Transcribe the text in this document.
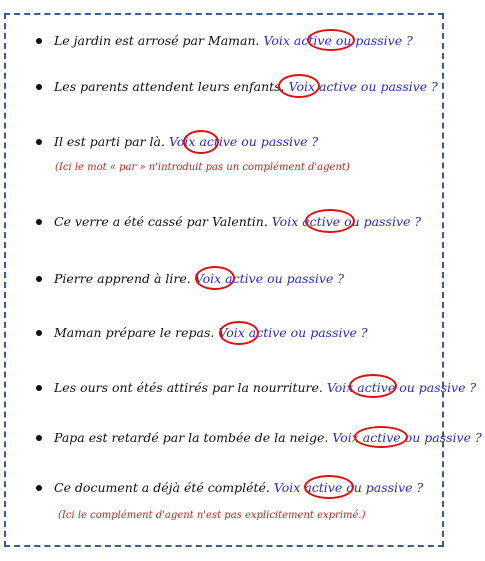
Le jardin est arrosé par Maman. Voix active ou passive ?
Les parents attendent leurs enfants. Voix active ou passive ?
Il est parti par là. Voix active ou passive ?
(Ici le mot « par » n'introduit pas un complément d'agent)
Ce verre a été cassé par Valentin. Voix active ou passive ?
Pierre apprend à lire. Voix active ou passive ?
Maman prépare le repas. Voix active ou passive ?
Les ours ont étés attirés par la nourriture. Voix active ou passive ?
Papa est retardé par la tombée de la neige. Voix active ou passive ?
Ce document a déjà été complété. Voix active ou passive ?
(Ici le complément d'agent n'est pas explicitement exprimé.)
